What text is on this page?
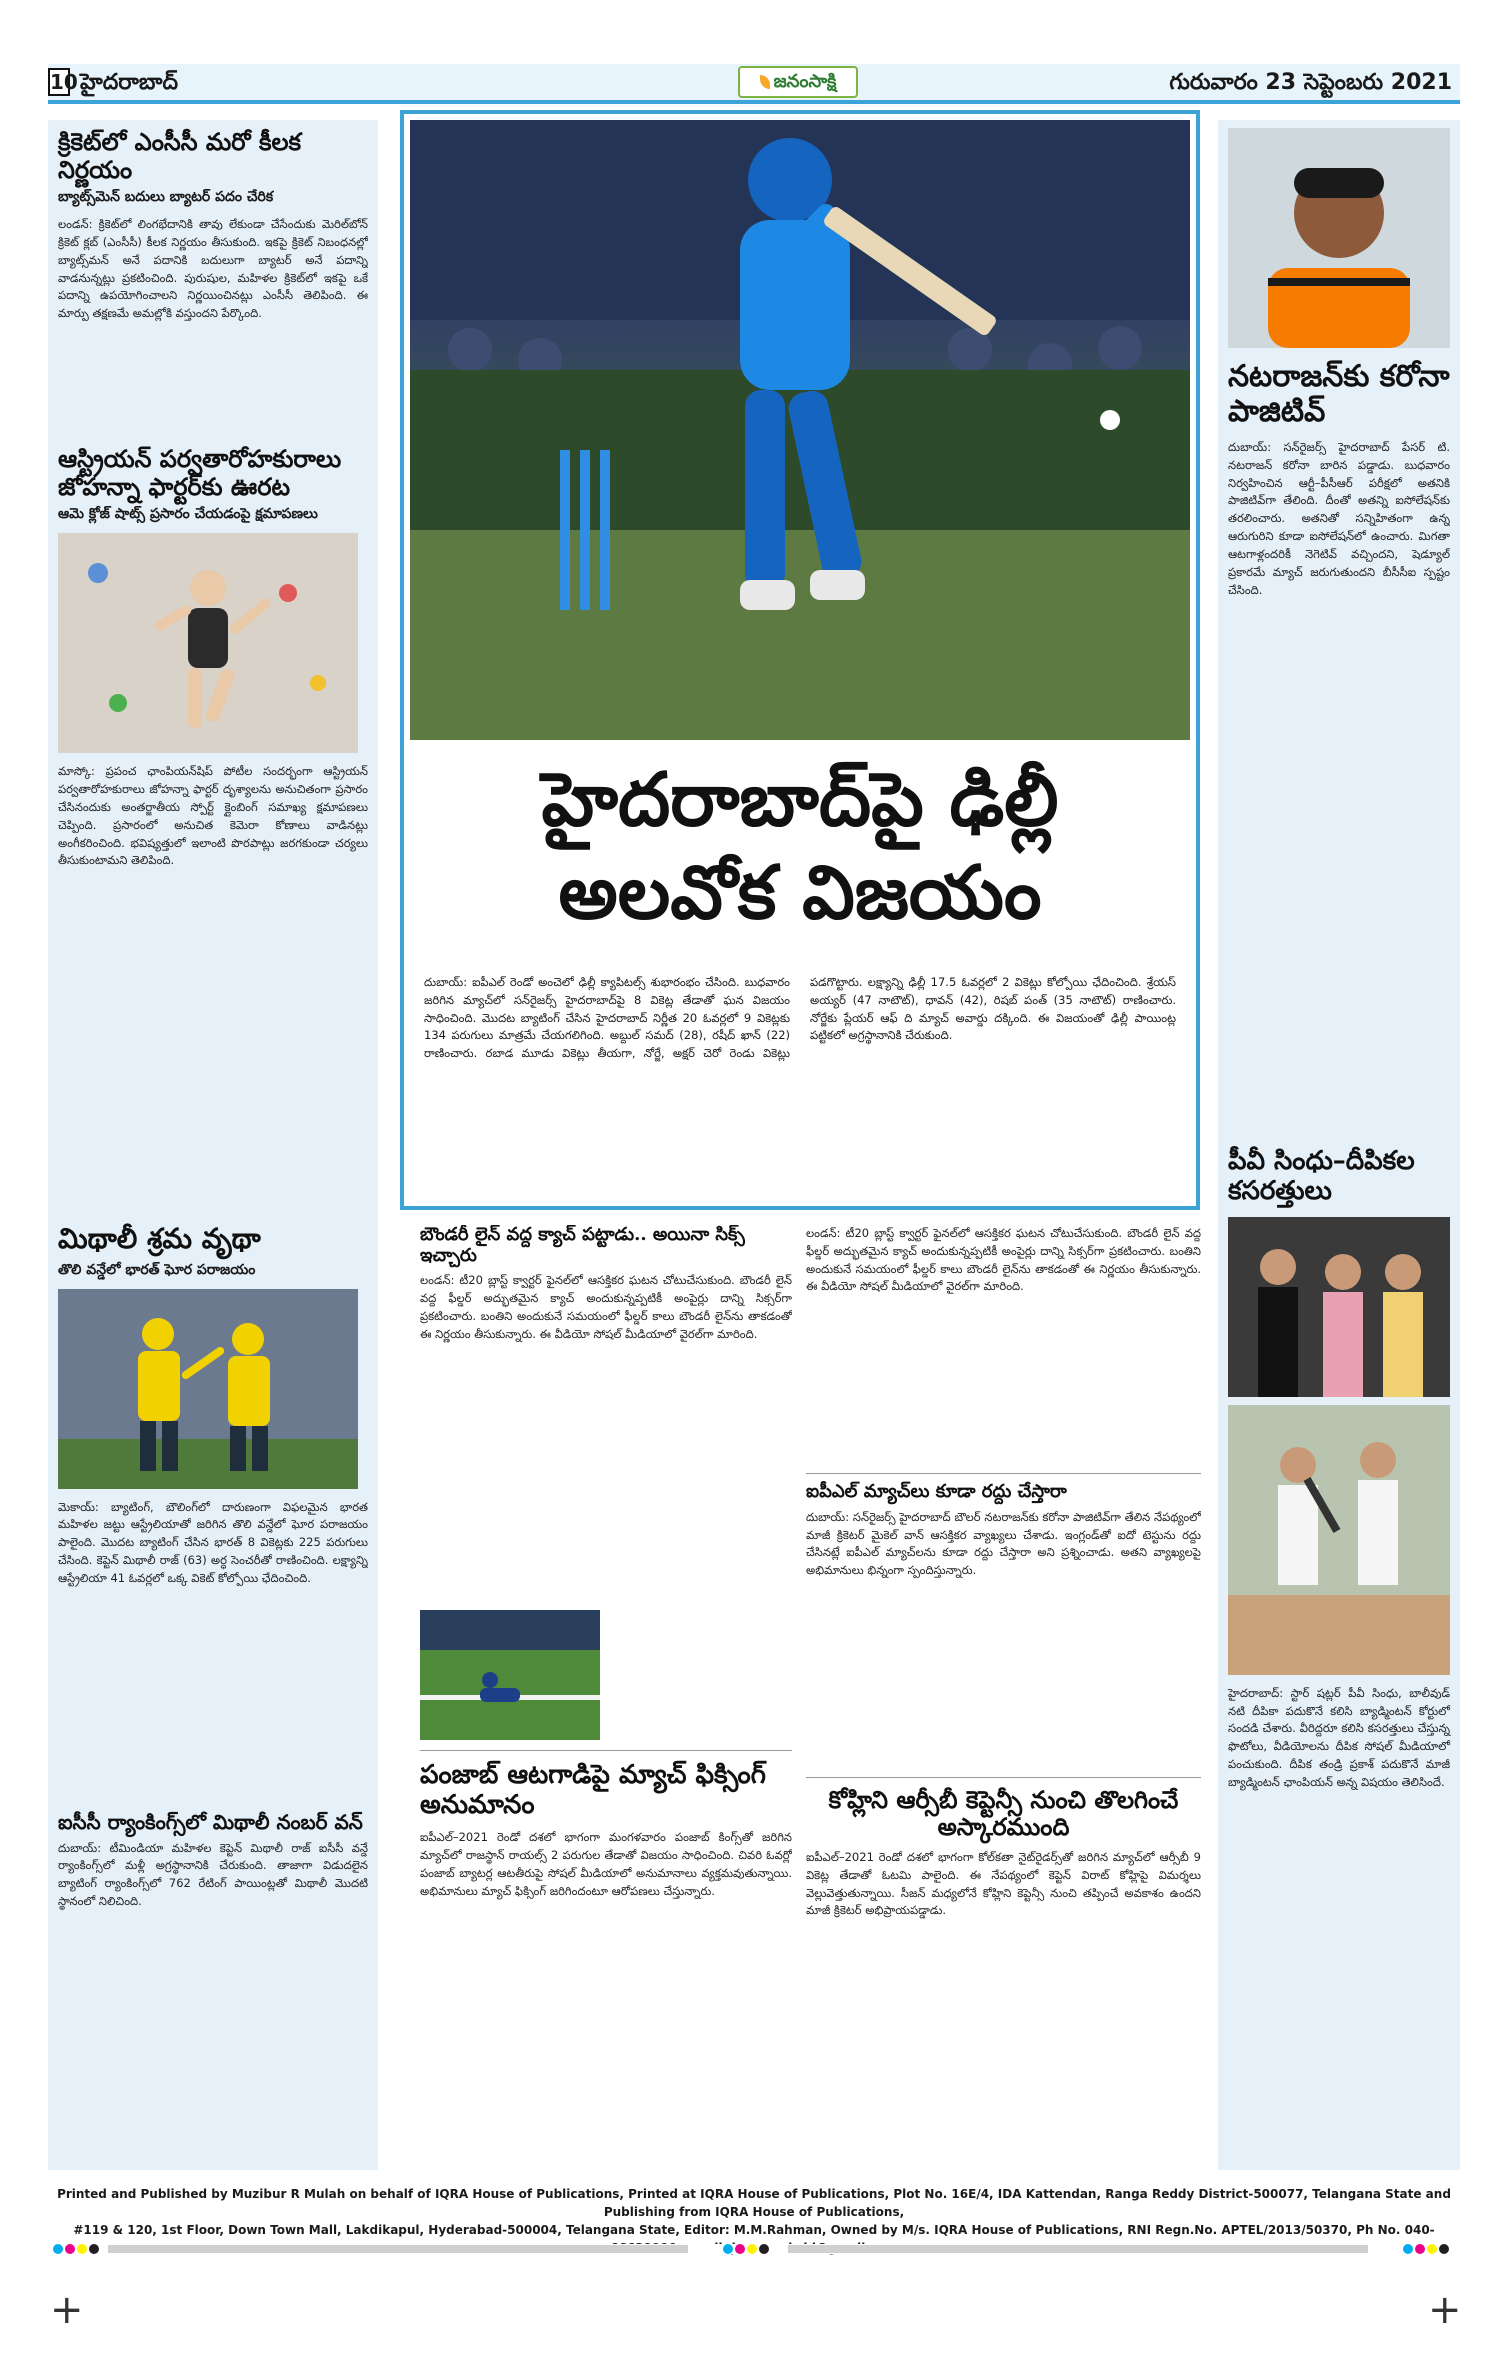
10 హైదరాబాద్	జనంసాక్షి	గురువారం 23 సెప్టెంబరు 2021
క్రికెట్‌లో ఎంసీసీ మరో కీలక నిర్ణయం
బ్యాట్స్‌మెన్‌ బదులు బ్యాటర్‌ పదం చేరిక
లండన్‌: క్రికెట్‌లో లింగభేదానికి తావు లేకుండా చేసేందుకు మెరిల్‌బోన్‌ క్రికెట్‌ క్లబ్‌ (ఎంసీసీ) కీలక నిర్ణయం తీసుకుంది. ఇకపై క్రికెట్‌ నిబంధనల్లో బ్యాట్స్‌మన్‌ అనే పదానికి బదులుగా బ్యాటర్‌ అనే పదాన్ని వాడనున్నట్లు ప్రకటించింది. పురుషుల, మహిళల క్రికెట్‌లో ఇకపై ఒకే పదాన్ని ఉపయోగించాలని నిర్ణయించినట్లు ఎంసీసీ తెలిపింది. ఈ మార్పు తక్షణమే అమల్లోకి వస్తుందని పేర్కొంది.
ఆస్ట్రియన్‌ పర్వతారోహకురాలు జోహన్నా ఫార్టర్‌కు ఊరట
ఆమె క్లోజ్‌ షాట్స్‌ ప్రసారం చేయడంపై క్షమాపణలు
మాస్కో: ప్రపంచ ఛాంపియన్‌షిప్‌ పోటీల సందర్భంగా ఆస్ట్రియన్‌ పర్వతారోహకురాలు జోహన్నా ఫార్టర్‌ దృశ్యాలను అనుచితంగా ప్రసారం చేసినందుకు అంతర్జాతీయ స్పోర్ట్‌ క్లైంబింగ్‌ సమాఖ్య క్షమాపణలు చెప్పింది. ప్రసారంలో అనుచిత కెమెరా కోణాలు వాడినట్లు అంగీకరించింది. భవిష్యత్తులో ఇలాంటి పొరపాట్లు జరగకుండా చర్యలు తీసుకుంటామని తెలిపింది.
మిథాలీ శ్రమ వృథా
తొలి వన్డేలో భారత్‌ ఘోర పరాజయం
మెకాయ్‌: బ్యాటింగ్‌, బౌలింగ్‌లో దారుణంగా విఫలమైన భారత మహిళల జట్టు ఆస్ట్రేలియాతో జరిగిన తొలి వన్డేలో ఘోర పరాజయం పాలైంది. మొదట బ్యాటింగ్‌ చేసిన భారత్‌ 8 వికెట్లకు 225 పరుగులు చేసింది. కెప్టెన్‌ మిథాలీ రాజ్‌ (63) అర్ధ సెంచరీతో రాణించింది. లక్ష్యాన్ని ఆస్ట్రేలియా 41 ఓవర్లలో ఒక్క వికెట్‌ కోల్పోయి ఛేదించింది.
ఐసీసీ ర్యాంకింగ్స్‌లో మిథాలీ నంబర్‌ వన్‌
దుబాయ్‌: టీమిండియా మహిళల కెప్టెన్‌ మిథాలీ రాజ్‌ ఐసీసీ వన్డే ర్యాంకింగ్స్‌లో మళ్లీ అగ్రస్థానానికి చేరుకుంది. తాజాగా విడుదలైన బ్యాటింగ్‌ ర్యాంకింగ్స్‌లో 762 రేటింగ్‌ పాయింట్లతో మిథాలీ మొదటి స్థానంలో నిలిచింది.
హైదరాబాద్‌పై ఢిల్లీ
అలవోక విజయం
దుబాయ్‌: ఐపీఎల్‌ రెండో అంచెలో ఢిల్లీ క్యాపిటల్స్‌ శుభారంభం చేసింది. బుధవారం జరిగిన మ్యాచ్‌లో సన్‌రైజర్స్‌ హైదరాబాద్‌పై 8 వికెట్ల తేడాతో ఘన విజయం సాధించింది. మొదట బ్యాటింగ్‌ చేసిన హైదరాబాద్‌ నిర్ణీత 20 ఓవర్లలో 9 వికెట్లకు 134 పరుగులు మాత్రమే చేయగలిగింది. అబ్దుల్‌ సమద్‌ (28), రషీద్‌ ఖాన్‌ (22) రాణించారు. రబాడ మూడు వికెట్లు తీయగా, నోర్జే, అక్షర్‌ చెరో రెండు వికెట్లు పడగొట్టారు. లక్ష్యాన్ని ఢిల్లీ 17.5 ఓవర్లలో 2 వికెట్లు కోల్పోయి ఛేదించింది. శ్రేయస్‌ అయ్యర్‌ (47 నాటౌట్‌), ధావన్‌ (42), రిషబ్‌ పంత్‌ (35 నాటౌట్‌) రాణించారు. నోర్జేకు ప్లేయర్‌ ఆఫ్‌ ది మ్యాచ్‌ అవార్డు దక్కింది. ఈ విజయంతో ఢిల్లీ పాయింట్ల పట్టికలో అగ్రస్థానానికి చేరుకుంది.
బౌండరీ లైన్‌ వద్ద క్యాచ్‌ పట్టాడు.. అయినా సిక్స్‌ ఇచ్చారు
లండన్‌: టీ20 బ్లాస్ట్‌ క్వార్టర్‌ ఫైనల్‌లో ఆసక్తికర ఘటన చోటుచేసుకుంది. బౌండరీ లైన్‌ వద్ద ఫీల్డర్‌ అద్భుతమైన క్యాచ్‌ అందుకున్నప్పటికీ అంపైర్లు దాన్ని సిక్సర్‌గా ప్రకటించారు. బంతిని అందుకునే సమయంలో ఫీల్డర్‌ కాలు బౌండరీ లైన్‌ను తాకడంతో ఈ నిర్ణయం తీసుకున్నారు. ఈ వీడియో సోషల్‌ మీడియాలో వైరల్‌గా మారింది.
పంజాబ్‌ ఆటగాడిపై మ్యాచ్‌ ఫిక్సింగ్‌ అనుమానం
ఐపీఎల్‌–2021 రెండో దశలో భాగంగా మంగళవారం పంజాబ్‌ కింగ్స్‌తో జరిగిన మ్యాచ్‌లో రాజస్థాన్‌ రాయల్స్‌ 2 పరుగుల తేడాతో విజయం సాధించింది. చివరి ఓవర్లో పంజాబ్‌ బ్యాటర్ల ఆటతీరుపై సోషల్‌ మీడియాలో అనుమానాలు వ్యక్తమవుతున్నాయి. అభిమానులు మ్యాచ్‌ ఫిక్సింగ్‌ జరిగిందంటూ ఆరోపణలు చేస్తున్నారు.
లండన్‌: టీ20 బ్లాస్ట్‌ క్వార్టర్‌ ఫైనల్‌లో ఆసక్తికర ఘటన చోటుచేసుకుంది. బౌండరీ లైన్‌ వద్ద ఫీల్డర్‌ అద్భుతమైన క్యాచ్‌ అందుకున్నప్పటికీ అంపైర్లు దాన్ని సిక్సర్‌గా ప్రకటించారు. బంతిని అందుకునే సమయంలో ఫీల్డర్‌ కాలు బౌండరీ లైన్‌ను తాకడంతో ఈ నిర్ణయం తీసుకున్నారు. ఈ వీడియో సోషల్‌ మీడియాలో వైరల్‌గా మారింది.
ఐపీఎల్‌ మ్యాచ్‌లు కూడా రద్దు చేస్తారా
దుబాయ్‌: సన్‌రైజర్స్‌ హైదరాబాద్‌ బౌలర్‌ నటరాజన్‌కు కరోనా పాజిటివ్‌గా తేలిన నేపథ్యంలో మాజీ క్రికెటర్‌ మైకెల్‌ వాన్‌ ఆసక్తికర వ్యాఖ్యలు చేశాడు. ఇంగ్లండ్‌తో ఐదో టెస్టును రద్దు చేసినట్లే ఐపీఎల్‌ మ్యాచ్‌లను కూడా రద్దు చేస్తారా అని ప్రశ్నించాడు. అతని వ్యాఖ్యలపై అభిమానులు భిన్నంగా స్పందిస్తున్నారు.
కోహ్లిని ఆర్సీబీ కెప్టెన్సీ నుంచి తొలగించే అస్కారముంది
ఐపీఎల్‌–2021 రెండో దశలో భాగంగా కోల్‌కతా నైట్‌రైడర్స్‌తో జరిగిన మ్యాచ్‌లో ఆర్సీబీ 9 వికెట్ల తేడాతో ఓటమి పాలైంది. ఈ నేపథ్యంలో కెప్టెన్‌ విరాట్‌ కోహ్లిపై విమర్శలు వెల్లువెత్తుతున్నాయి. సీజన్‌ మధ్యలోనే కోహ్లిని కెప్టెన్సీ నుంచి తప్పించే అవకాశం ఉందని మాజీ క్రికెటర్‌ అభిప్రాయపడ్డాడు.
నటరాజన్‌కు కరోనా పాజిటివ్‌
దుబాయ్‌: సన్‌రైజర్స్‌ హైదరాబాద్‌ పేసర్‌ టి. నటరాజన్‌ కరోనా బారిన పడ్డాడు. బుధవారం నిర్వహించిన ఆర్టీ–పీసీఆర్‌ పరీక్షలో అతనికి పాజిటివ్‌గా తేలింది. దీంతో అతన్ని ఐసోలేషన్‌కు తరలించారు. అతనితో సన్నిహితంగా ఉన్న ఆరుగురిని కూడా ఐసోలేషన్‌లో ఉంచారు. మిగతా ఆటగాళ్లందరికీ నెగెటివ్‌ వచ్చిందని, షెడ్యూల్‌ ప్రకారమే మ్యాచ్‌ జరుగుతుందని బీసీసీఐ స్పష్టం చేసింది.
పీవీ సింధు–దీపికల కసరత్తులు
హైదరాబాద్‌: స్టార్‌ షట్లర్‌ పీవీ సింధు, బాలీవుడ్‌ నటి దీపికా పదుకొనే కలిసి బ్యాడ్మింటన్‌ కోర్టులో సందడి చేశారు. వీరిద్దరూ కలిసి కసరత్తులు చేస్తున్న ఫొటోలు, వీడియోలను దీపిక సోషల్‌ మీడియాలో పంచుకుంది. దీపిక తండ్రి ప్రకాశ్‌ పదుకొనే మాజీ బ్యాడ్మింటన్‌ ఛాంపియన్‌ అన్న విషయం తెలిసిందే.
Printed and Published by Muzibur R Mulah on behalf of IQRA House of Publications, Printed at IQRA House of Publications, Plot No. 16E/4, IDA Kattendan, Ranga Reddy District-500077, Telangana State and Publishing from IQRA House of Publications,
#119 & 120, 1st Floor, Down Town Mall, Lakdikapul, Hyderabad-500004, Telangana State, Editor: M.M.Rahman, Owned by M/s. IQRA House of Publications, RNI Regn.No. APTEL/2013/50370, Ph No. 040-
+	+
